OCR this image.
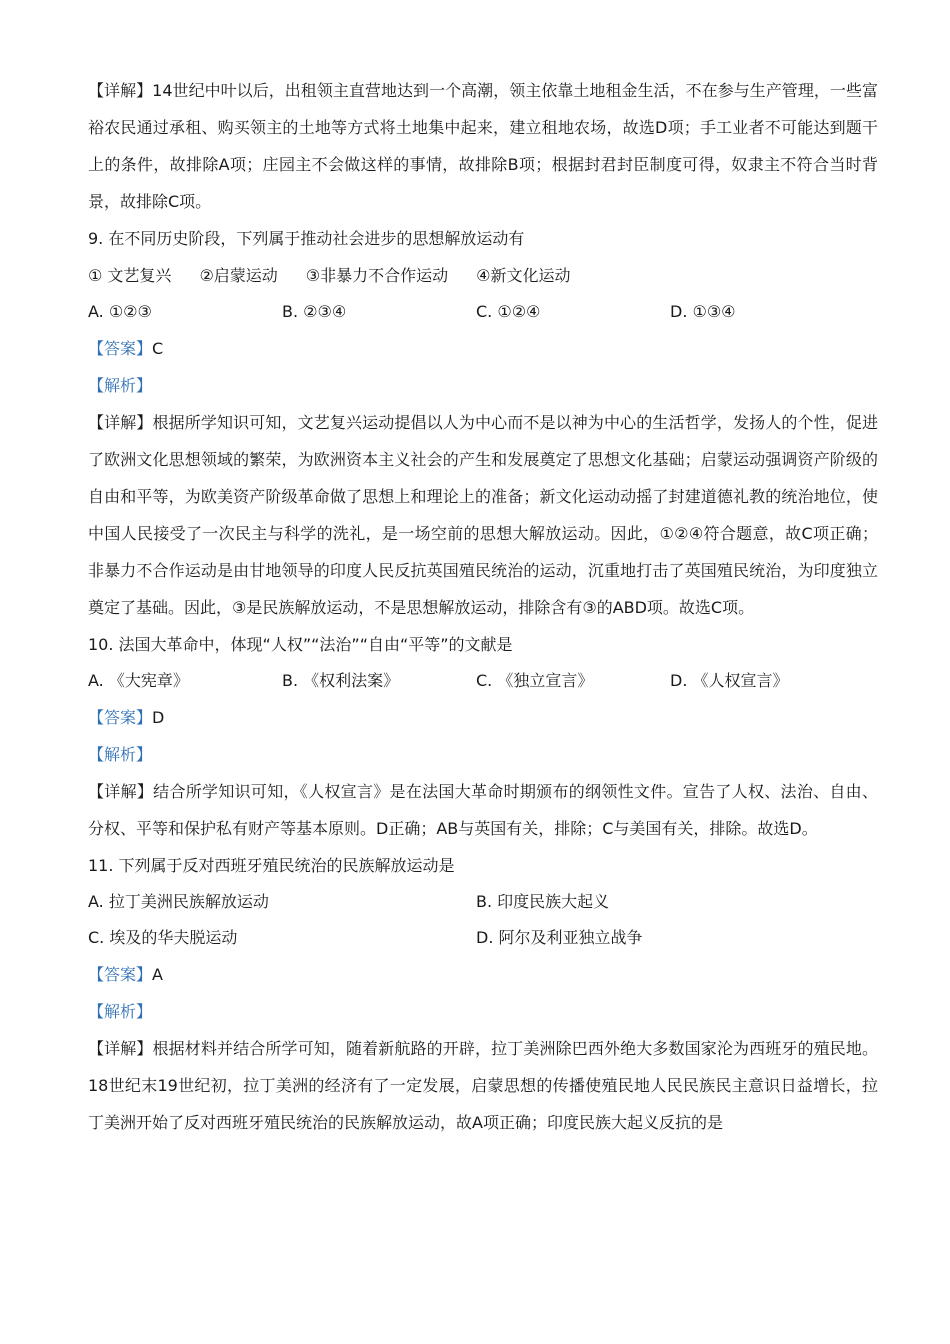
【详解】14世纪中叶以后，出租领主直营地达到一个高潮，领主依靠土地租金生活，不在参与生产管理，一些富裕农民通过承租、购买领主的土地等方式将土地集中起来，建立租地农场，故选D项；手工业者不可能达到题干上的条件，故排除A项；庄园主不会做这样的事情，故排除B项；根据封君封臣制度可得，奴隶主不符合当时背景，故排除C项。
9. 在不同历史阶段，下列属于推动社会进步的思想解放运动有
① 文艺复兴 ②启蒙运动 ③非暴力不合作运动 ④新文化运动
A. ①②③	B. ②③④	C. ①②④	D. ①③④
【答案】C
【解析】
【详解】根据所学知识可知，文艺复兴运动提倡以人为中心而不是以神为中心的生活哲学，发扬人的个性，促进了欧洲文化思想领域的繁荣，为欧洲资本主义社会的产生和发展奠定了思想文化基础；启蒙运动强调资产阶级的自由和平等，为欧美资产阶级革命做了思想上和理论上的准备；新文化运动动摇了封建道德礼教的统治地位，使中国人民接受了一次民主与科学的洗礼，是一场空前的思想大解放运动。因此，①②④符合题意，故C项正确；非暴力不合作运动是由甘地领导的印度人民反抗英国殖民统治的运动，沉重地打击了英国殖民统治，为印度独立奠定了基础。因此，③是民族解放运动，不是思想解放运动，排除含有③的ABD项。故选C项。
10. 法国大革命中，体现“人权”“法治”“自由“平等”的文献是
A. 《大宪章》	B. 《权利法案》	C. 《独立宣言》	D. 《人权宣言》
【答案】D
【解析】
【详解】结合所学知识可知，《人权宣言》是在法国大革命时期颁布的纲领性文件。宣告了人权、法治、自由、分权、平等和保护私有财产等基本原则。D正确；AB与英国有关，排除；C与美国有关，排除。故选D。
11. 下列属于反对西班牙殖民统治的民族解放运动是
A. 拉丁美洲民族解放运动	B. 印度民族大起义
C. 埃及的华夫脱运动	D. 阿尔及利亚独立战争
【答案】A
【解析】
【详解】根据材料并结合所学可知，随着新航路的开辟，拉丁美洲除巴西外绝大多数国家沦为西班牙的殖民地。18世纪末19世纪初，拉丁美洲的经济有了一定发展，启蒙思想的传播使殖民地人民民族民主意识日益增长，拉丁美洲开始了反对西班牙殖民统治的民族解放运动，故A项正确；印度民族大起义反抗的是
